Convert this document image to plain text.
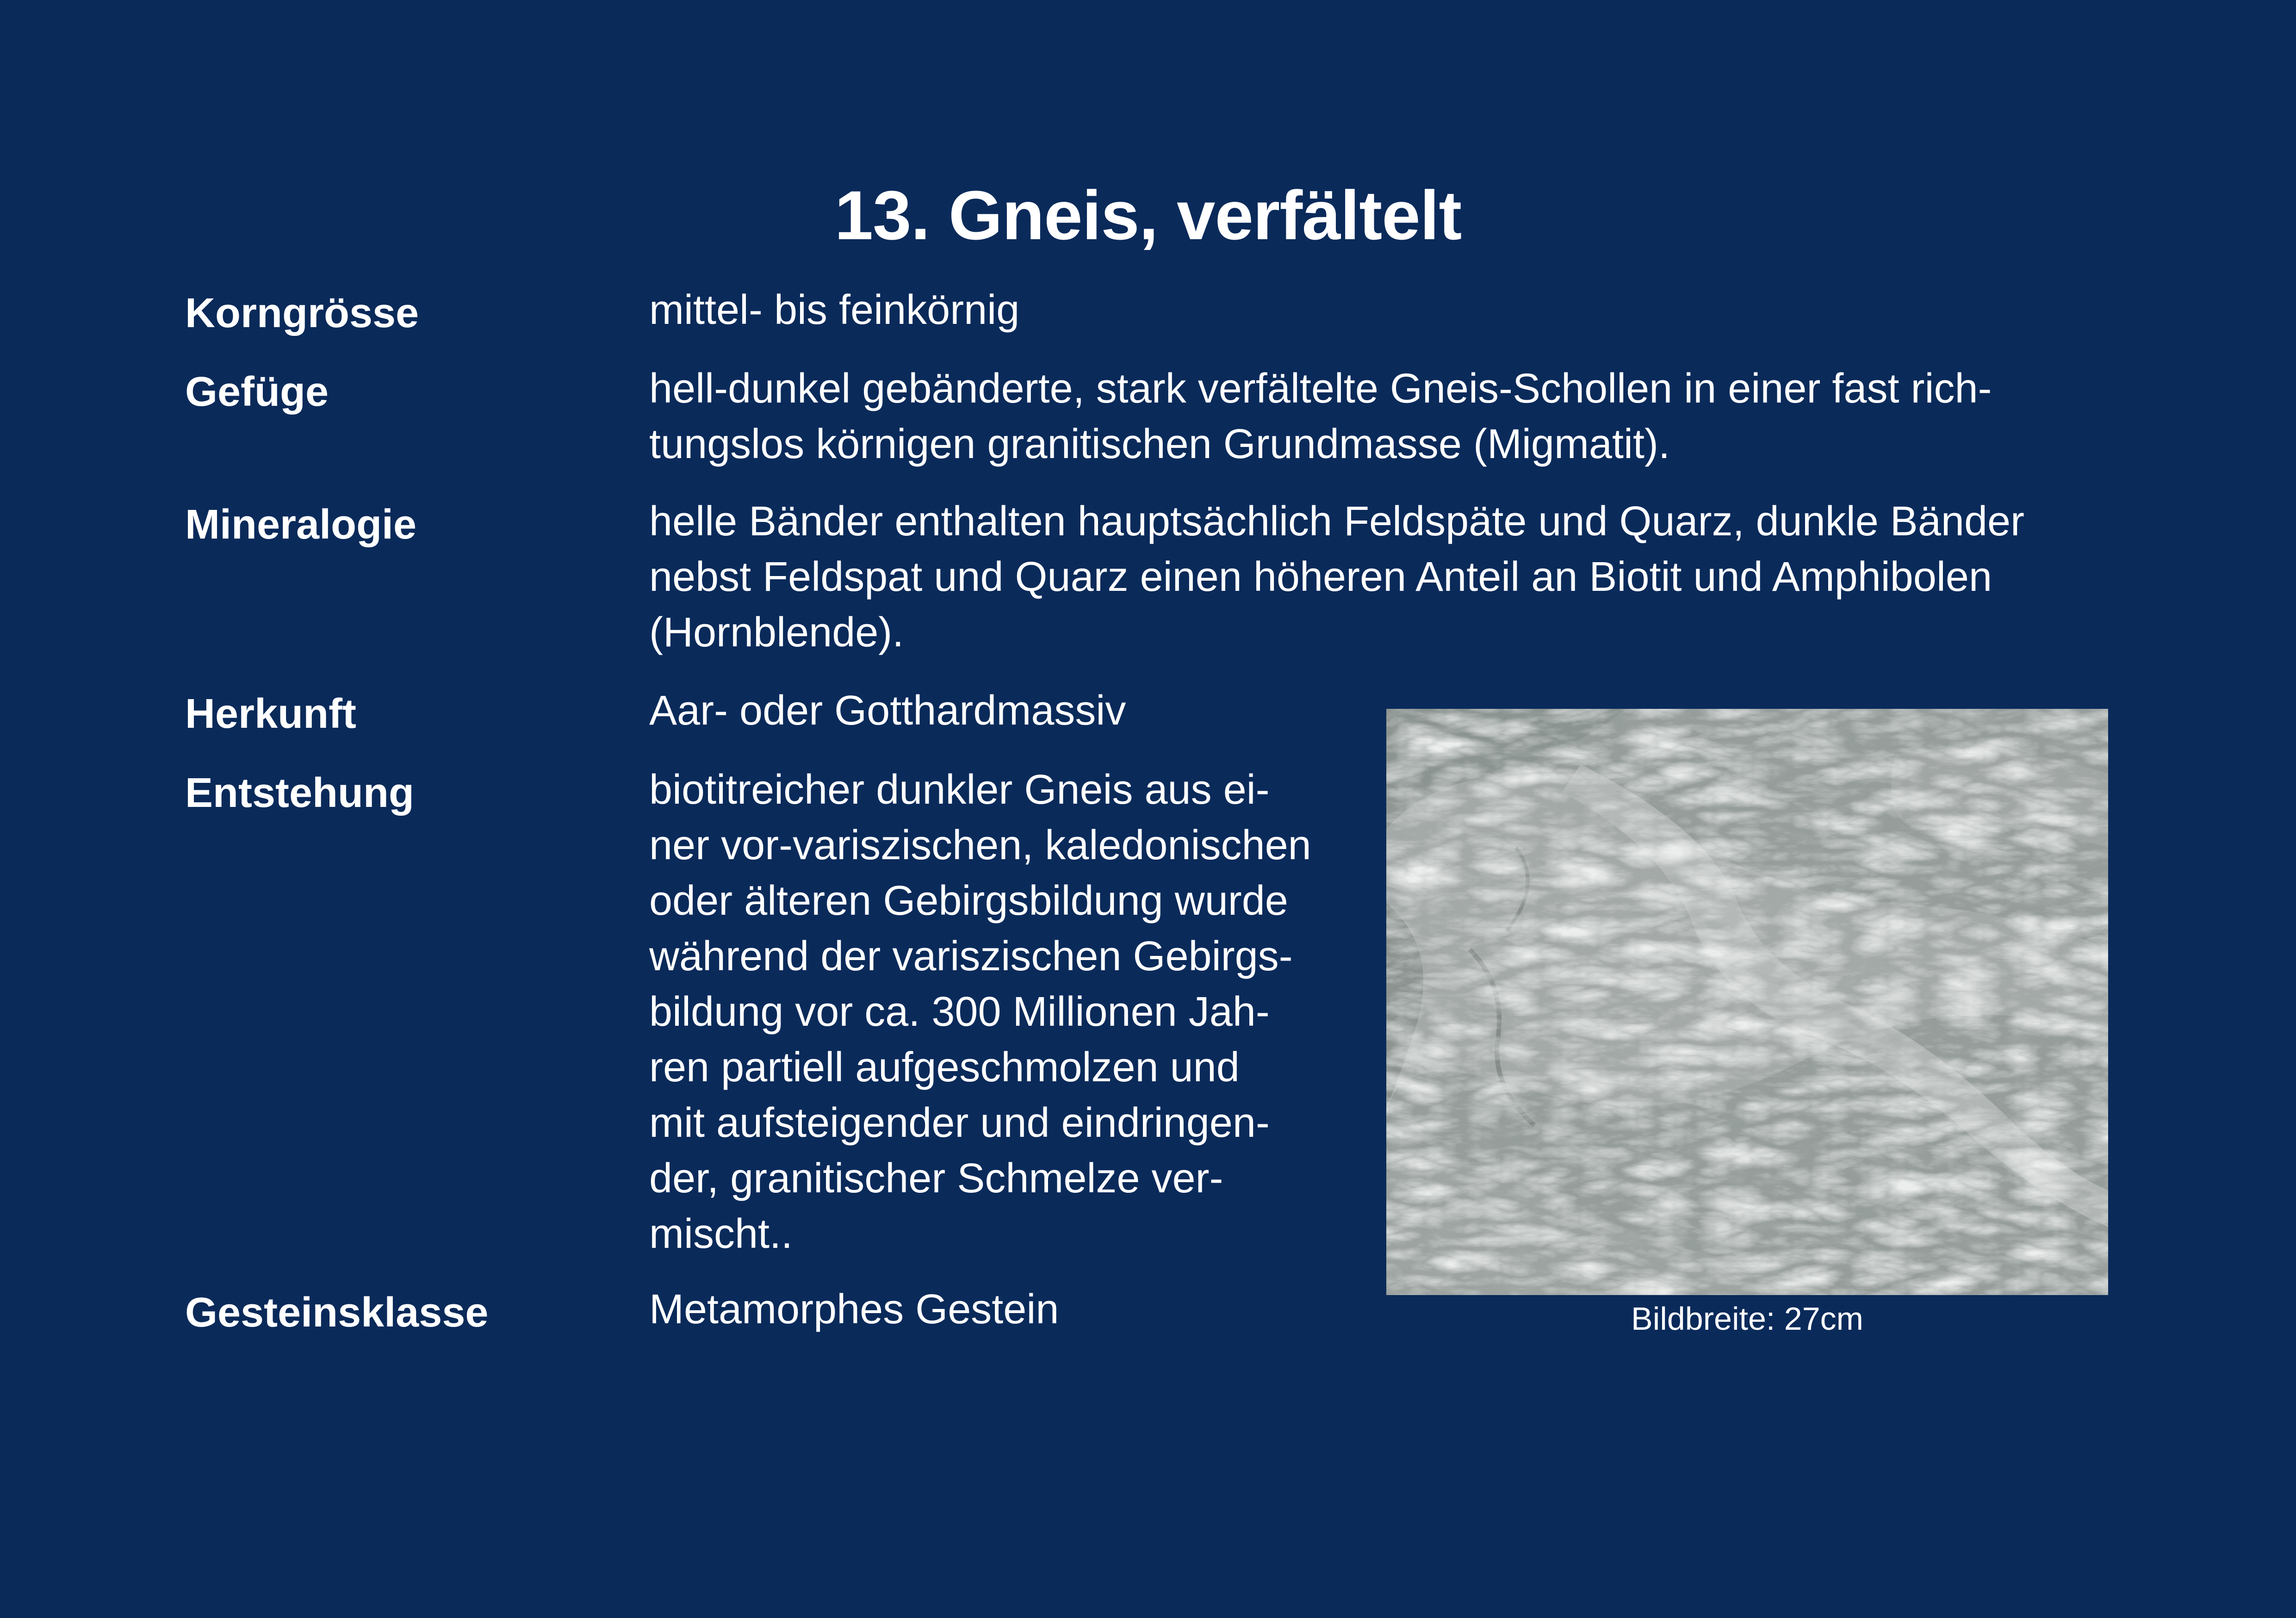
13. Gneis, verfältelt
Korngrösse	mittel- bis feinkörnig
Gefüge	hell-dunkel gebänderte, stark verfältelte Gneis-Schollen in einer fast rich-
tungslos körnigen granitischen Grundmasse (Migmatit).
Mineralogie	helle Bänder enthalten hauptsächlich Feldspäte und Quarz, dunkle Bänder
nebst Feldspat und Quarz einen höheren Anteil an Biotit und Amphibolen
(Hornblende).
Herkunft	Aar- oder Gotthardmassiv
Entstehung	biotitreicher dunkler Gneis aus ei-
ner vor-variszischen, kaledonischen
oder älteren Gebirgsbildung wurde
während der variszischen Gebirgs-
bildung vor ca. 300 Millionen Jah-
ren partiell aufgeschmolzen und
mit aufsteigender und eindringen-
der, granitischer Schmelze ver-
mischt..
Gesteinsklasse	Metamorphes Gestein	Bildbreite: 27cm
